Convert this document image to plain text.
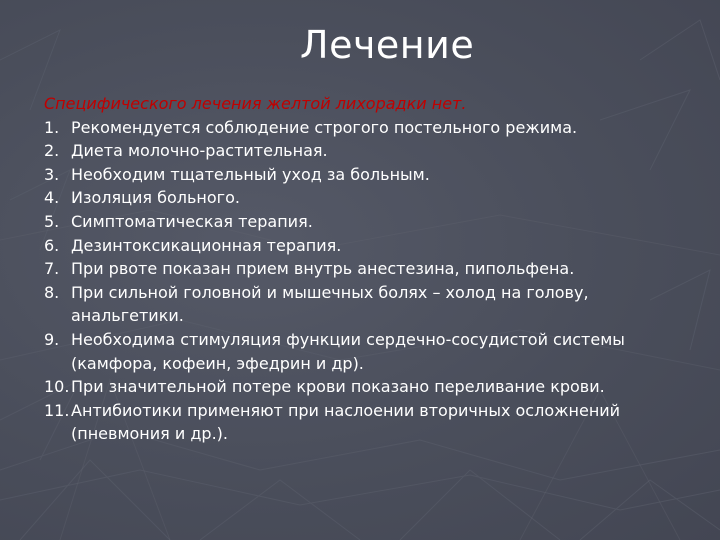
Лечение
Специфического лечения желтой лихорадки нет.
1. Рекомендуется соблюдение строгого постельного режима.
2. Диета молочно-растительная.
3. Необходим тщательный уход за больным.
4. Изоляция больного.
5. Симптоматическая терапия.
6. Дезинтоксикационная терапия.
7. При рвоте показан прием внутрь анестезина, пипольфена.
8. При сильной головной и мышечных болях – холод на голову, анальгетики.
9. Необходима стимуляция функции сердечно-сосудистой системы (камфора, кофеин, эфедрин и др).
10. При значительной потере крови показано переливание крови.
11. Антибиотики применяют при наслоении вторичных осложнений (пневмония и др.).
